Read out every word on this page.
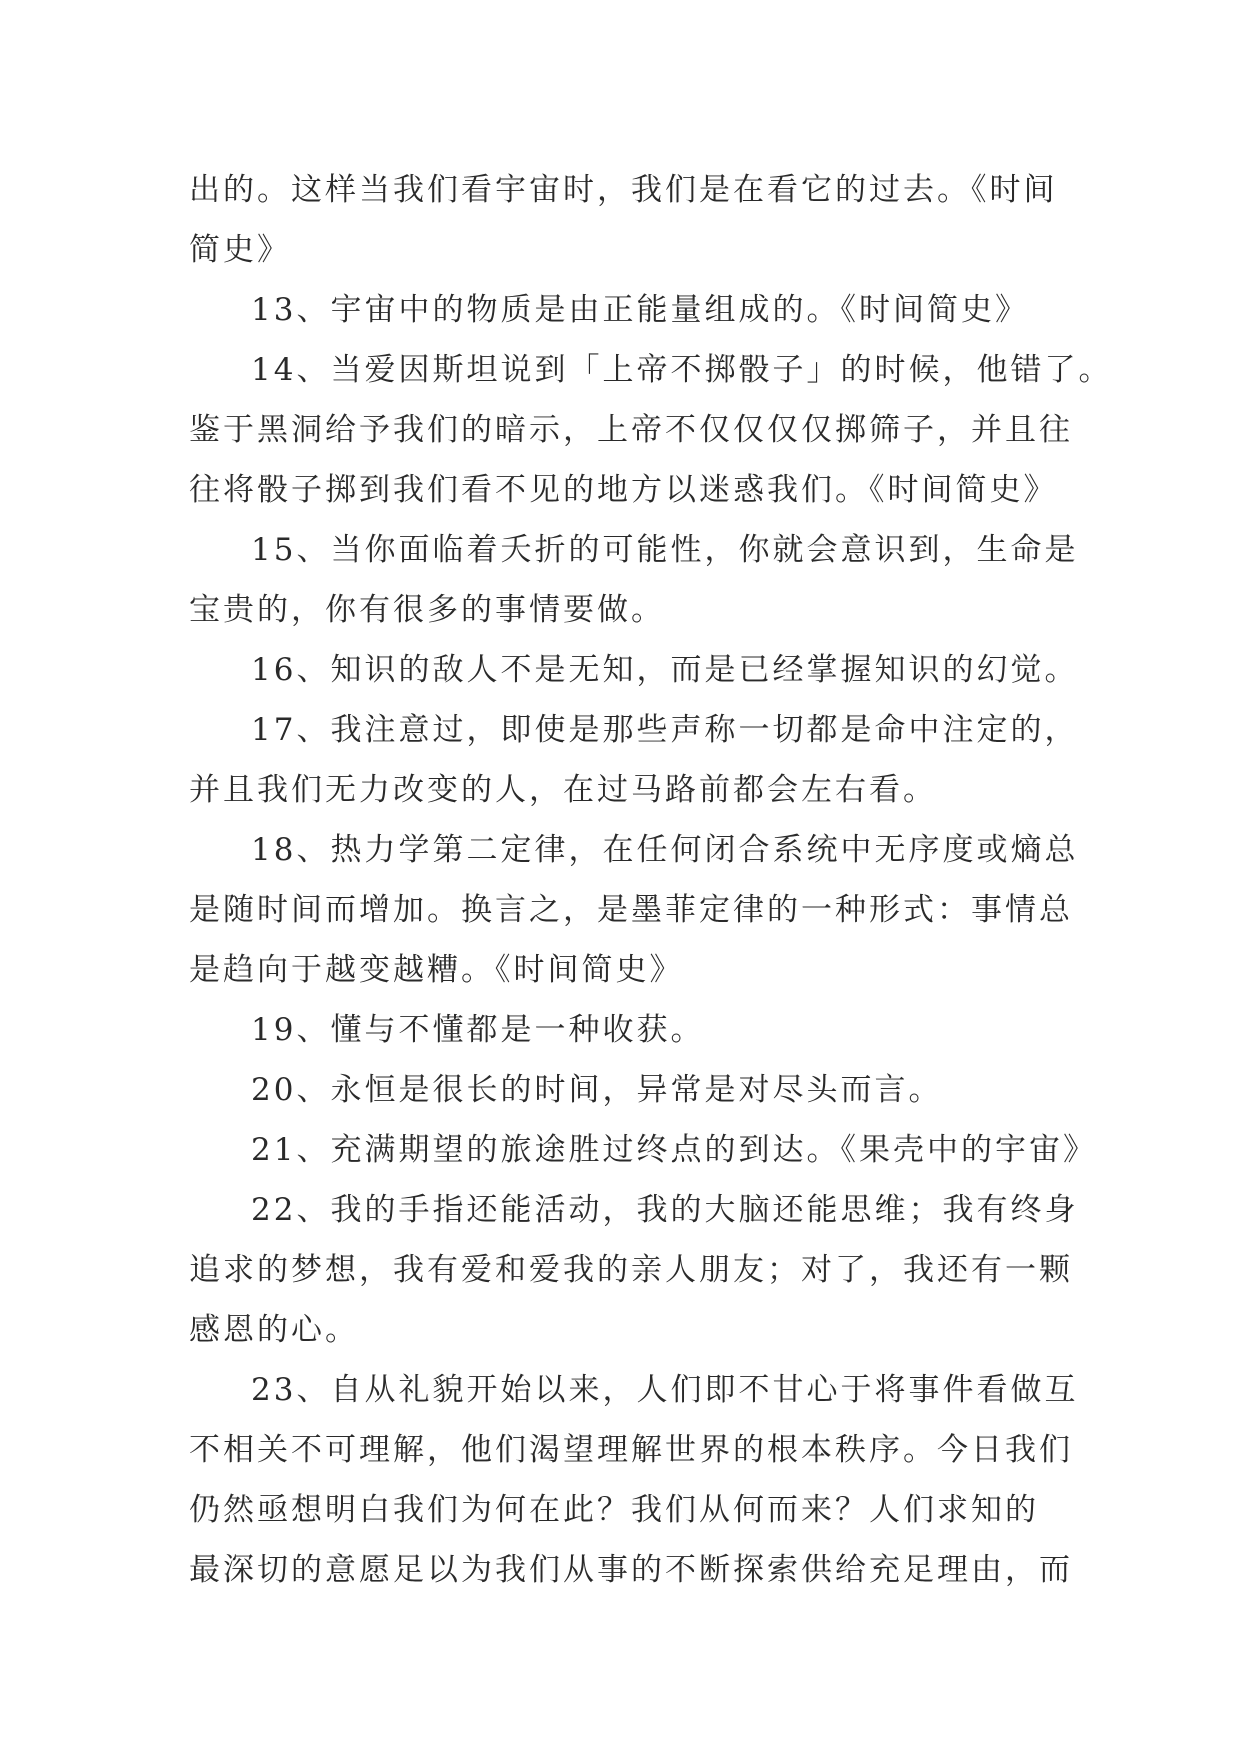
出的。这样当我们看宇宙时，我们是在看它的过去。《时间
简史》

13、宇宙中的物质是由正能量组成的。《时间简史》

14、当爱因斯坦说到「上帝不掷骰子」的时候，他错了。
鉴于黑洞给予我们的暗示，上帝不仅仅仅仅掷筛子，并且往
往将骰子掷到我们看不见的地方以迷惑我们。《时间简史》

15、当你面临着夭折的可能性，你就会意识到，生命是
宝贵的，你有很多的事情要做。

16、知识的敌人不是无知，而是已经掌握知识的幻觉。

17、我注意过，即使是那些声称一切都是命中注定的，
并且我们无力改变的人，在过马路前都会左右看。

18、热力学第二定律，在任何闭合系统中无序度或熵总
是随时间而增加。换言之，是墨菲定律的一种形式：事情总
是趋向于越变越糟。《时间简史》

19、懂与不懂都是一种收获。

20、永恒是很长的时间，异常是对尽头而言。

21、充满期望的旅途胜过终点的到达。《果壳中的宇宙》

22、我的手指还能活动，我的大脑还能思维；我有终身
追求的梦想，我有爱和爱我的亲人朋友；对了，我还有一颗
感恩的心。

23、自从礼貌开始以来，人们即不甘心于将事件看做互
不相关不可理解，他们渴望理解世界的根本秩序。今日我们
仍然亟想明白我们为何在此？我们从何而来？人们求知的
最深切的意愿足以为我们从事的不断探索供给充足理由，而
